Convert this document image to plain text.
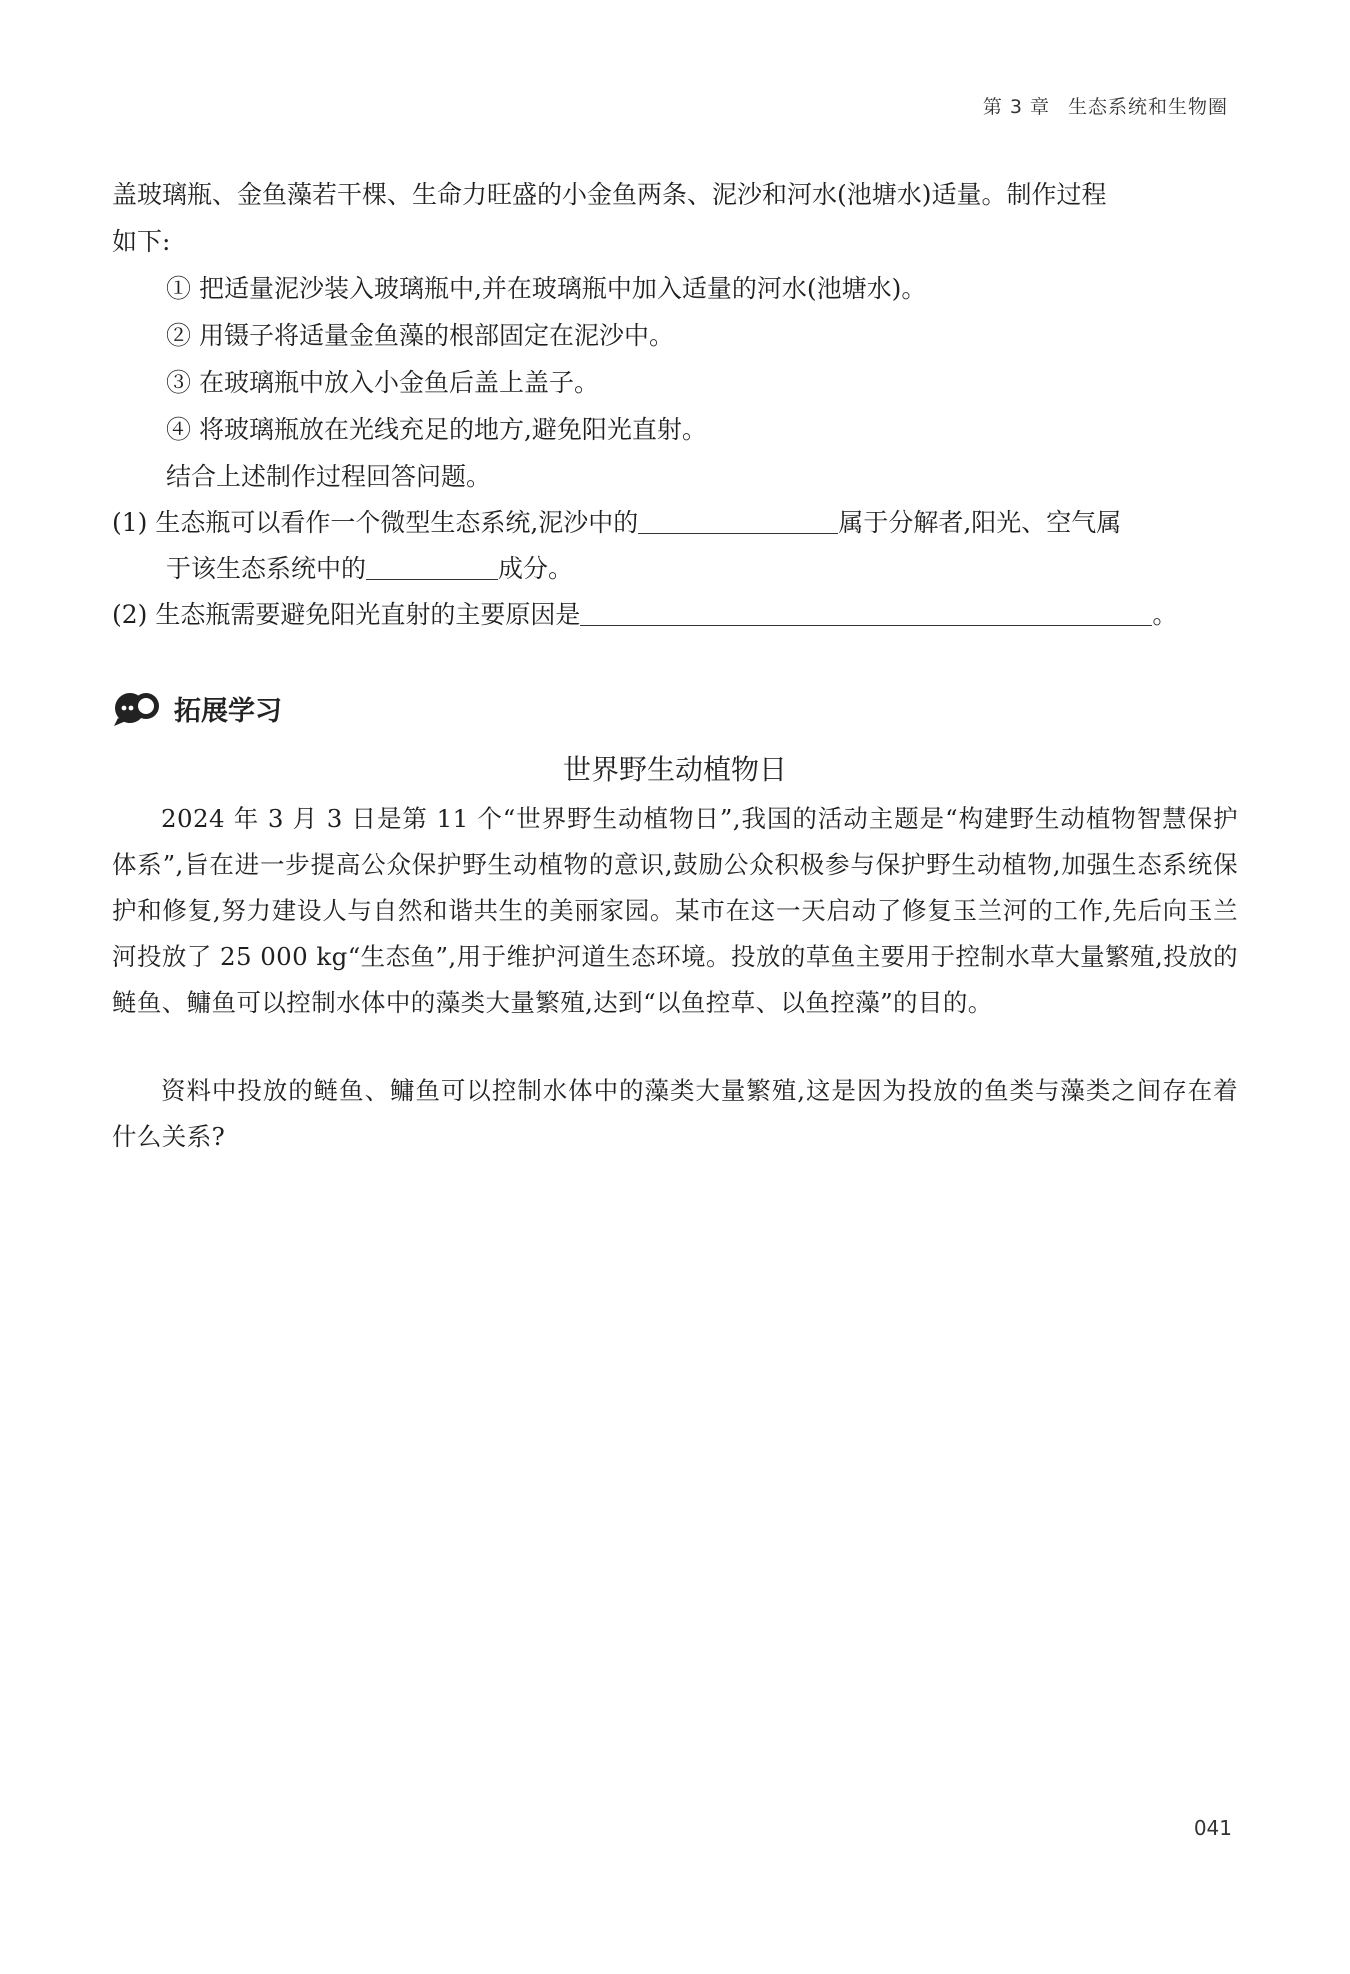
第 3 章 生态系统和生物圈
盖玻璃瓶、金鱼藻若干棵、生命力旺盛的小金鱼两条、泥沙和河水(池塘水)适量。制作过程
如下:
① 把适量泥沙装入玻璃瓶中,并在玻璃瓶中加入适量的河水(池塘水)。
② 用镊子将适量金鱼藻的根部固定在泥沙中。
③ 在玻璃瓶中放入小金鱼后盖上盖子。
④ 将玻璃瓶放在光线充足的地方,避免阳光直射。
结合上述制作过程回答问题。
(1) 生态瓶可以看作一个微型生态系统,泥沙中的	属于分解者,阳光、空气属
于该生态系统中的	成分。
(2) 生态瓶需要避免阳光直射的主要原因是	。
拓展学习
世界野生动植物日
2024 年 3 月 3 日是第 11 个“世界野生动植物日”,我国的活动主题是“构建野生动植物智慧保护体系”,旨在进一步提高公众保护野生动植物的意识,鼓励公众积极参与保护野生动植物,加强生态系统保护和修复,努力建设人与自然和谐共生的美丽家园。某市在这一天启动了修复玉兰河的工作,先后向玉兰河投放了 25 000 kg“生态鱼”,用于维护河道生态环境。投放的草鱼主要用于控制水草大量繁殖,投放的鲢鱼、鳙鱼可以控制水体中的藻类大量繁殖,达到“以鱼控草、以鱼控藻”的目的。
资料中投放的鲢鱼、鳙鱼可以控制水体中的藻类大量繁殖,这是因为投放的鱼类与藻类之间存在着什么关系?
041
